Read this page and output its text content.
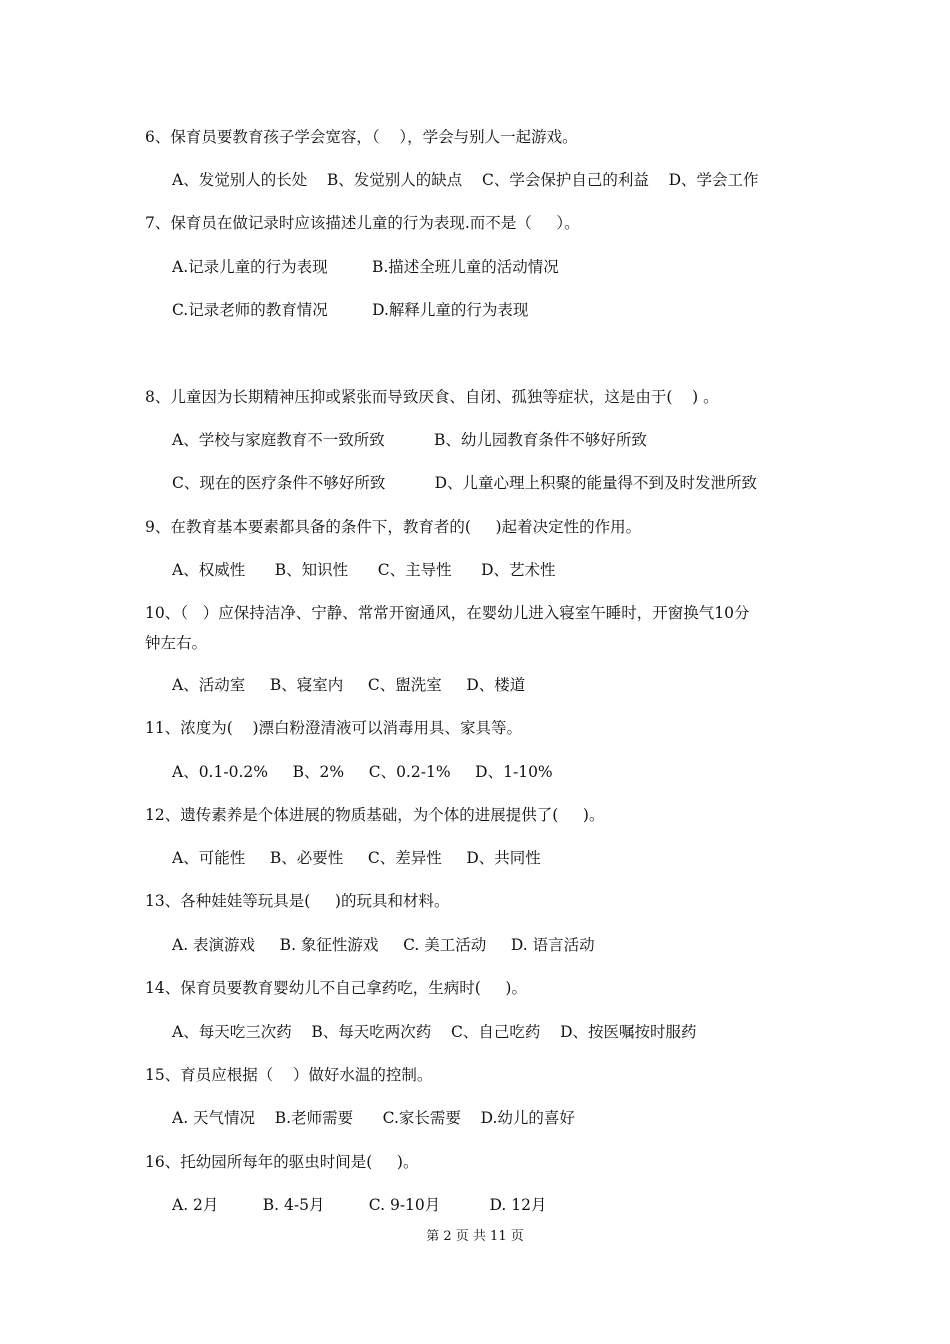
6、保育员要教育孩子学会宽容，（    ），学会与别人一起游戏。
A、发觉别人的长处    B、发觉别人的缺点    C、学会保护自己的利益    D、学会工作
7、保育员在做记录时应该描述儿童的行为表现.而不是（     ）。
A.记录儿童的行为表现         B.描述全班儿童的活动情况
C.记录老师的教育情况         D.解释儿童的行为表现
8、儿童因为长期精神压抑或紧张而导致厌食、自闭、孤独等症状，这是由于(    ) 。
A、学校与家庭教育不一致所致          B、幼儿园教育条件不够好所致
C、现在的医疗条件不够好所致          D、儿童心理上积聚的能量得不到及时发泄所致
9、在教育基本要素都具备的条件下，教育者的(     )起着决定性的作用。
A、权威性      B、知识性      C、主导性      D、艺术性
10、（   ）应保持洁净、宁静、常常开窗通风，在婴幼儿进入寝室午睡时，开窗换气10分
钟左右。
A、活动室     B、寝室内     C、盥洗室     D、楼道
11、浓度为(    )漂白粉澄清液可以消毒用具、家具等。
A、0.1-0.2%     B、2%     C、0.2-1%     D、1-10%
12、遗传素养是个体进展的物质基础，为个体的进展提供了(     )。
A、可能性     B、必要性     C、差异性     D、共同性
13、各种娃娃等玩具是(     )的玩具和材料。
A. 表演游戏     B. 象征性游戏     C. 美工活动     D. 语言活动
14、保育员要教育婴幼儿不自己拿药吃，生病时(     )。
A、每天吃三次药    B、每天吃两次药    C、自己吃药    D、按医嘱按时服药
15、育员应根据（    ）做好水温的控制。
A. 天气情况    B.老师需要      C.家长需要    D.幼儿的喜好
16、托幼园所每年的驱虫时间是(     )。
A. 2月         B. 4-5月         C. 9-10月          D. 12月
第 2 页 共 11 页
